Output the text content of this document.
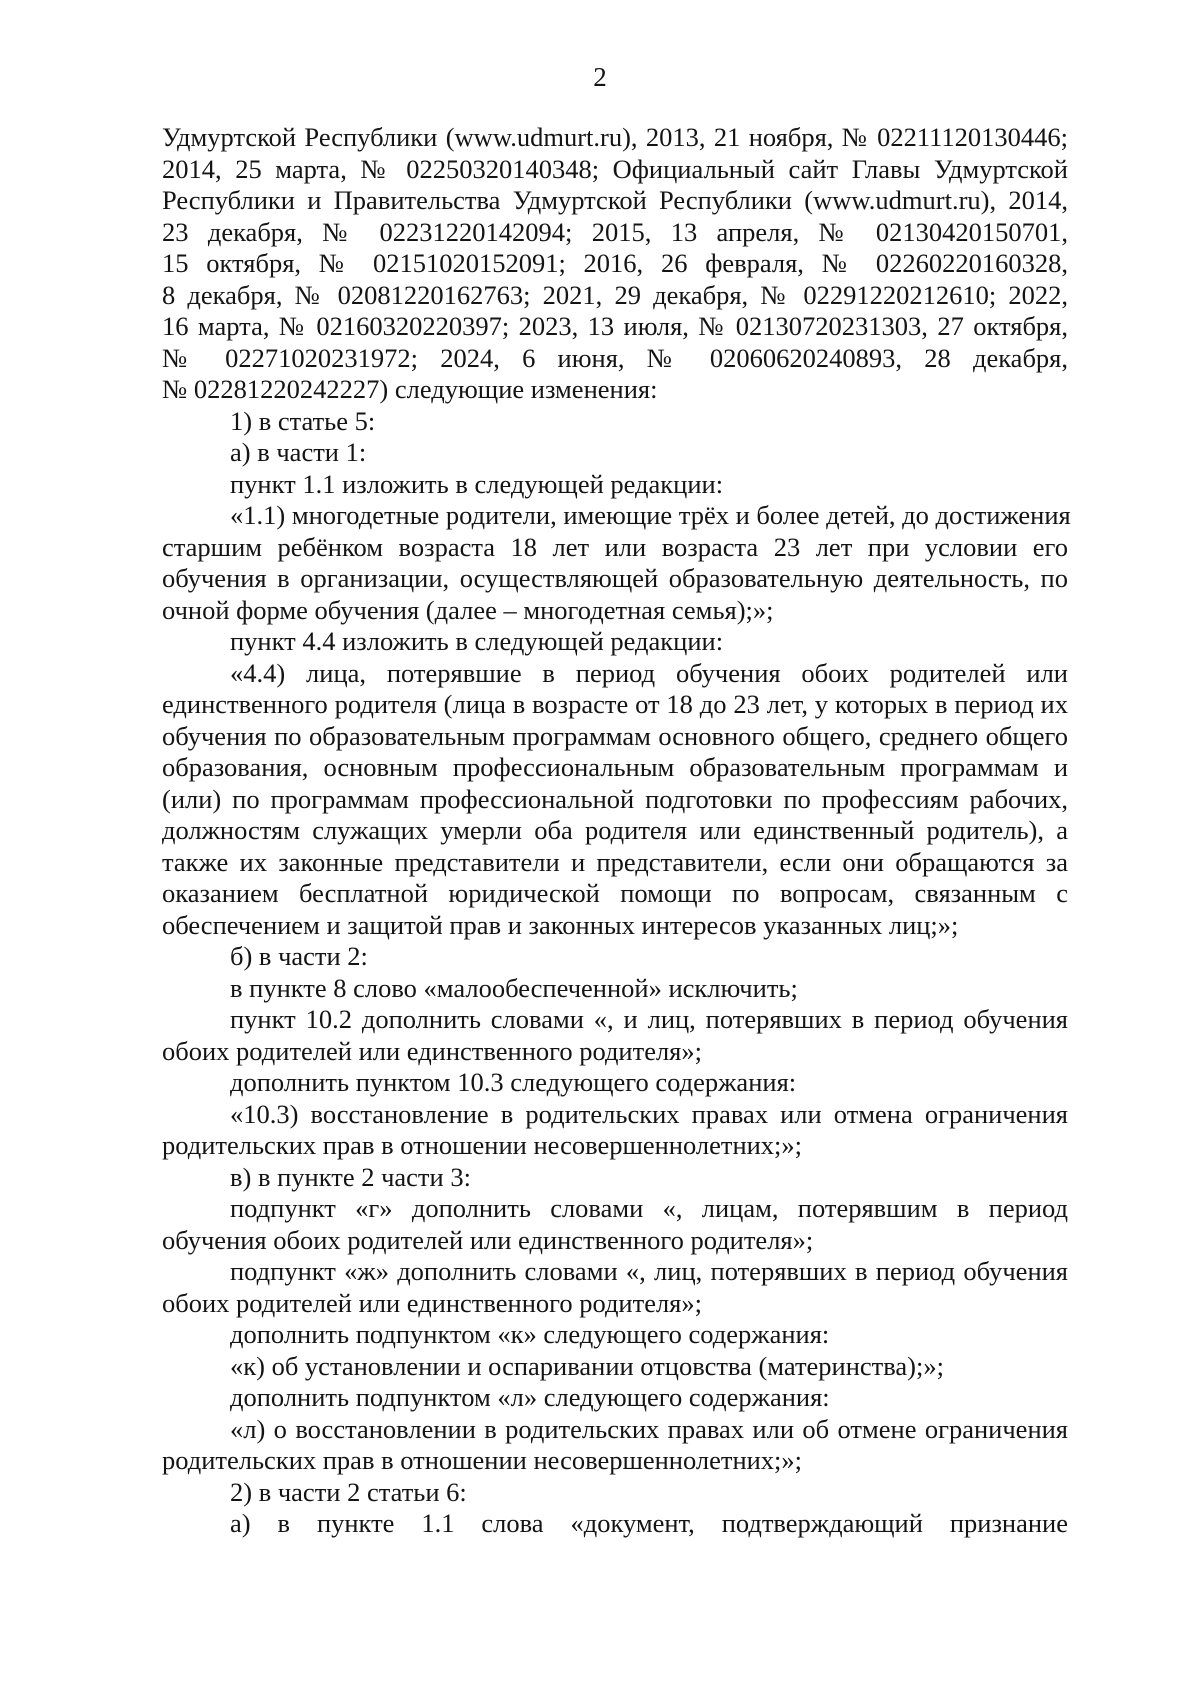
2
Удмуртской Республики (www.udmurt.ru), 2013, 21 ноября, № 02211120130446;
2014, 25 марта, № 02250320140348; Официальный сайт Главы Удмуртской
Республики и Правительства Удмуртской Республики (www.udmurt.ru), 2014,
23 декабря, № 02231220142094; 2015, 13 апреля, № 02130420150701,
15 октября, № 02151020152091; 2016, 26 февраля, № 02260220160328,
8 декабря, № 02081220162763; 2021, 29 декабря, № 02291220212610; 2022,
16 марта, № 02160320220397; 2023, 13 июля, № 02130720231303, 27 октября,
№ 02271020231972; 2024, 6 июня, № 02060620240893, 28 декабря,
№ 02281220242227) следующие изменения:
1) в статье 5:
а) в части 1:
пункт 1.1 изложить в следующей редакции:
«1.1) многодетные родители, имеющие трёх и более детей, до достижения
старшим ребёнком возраста 18 лет или возраста 23 лет при условии его
обучения в организации, осуществляющей образовательную деятельность, по
очной форме обучения (далее – многодетная семья);»;
пункт 4.4 изложить в следующей редакции:
«4.4) лица, потерявшие в период обучения обоих родителей или
единственного родителя (лица в возрасте от 18 до 23 лет, у которых в период их
обучения по образовательным программам основного общего, среднего общего
образования, основным профессиональным образовательным программам и
(или) по программам профессиональной подготовки по профессиям рабочих,
должностям служащих умерли оба родителя или единственный родитель), а
также их законные представители и представители, если они обращаются за
оказанием бесплатной юридической помощи по вопросам, связанным с
обеспечением и защитой прав и законных интересов указанных лиц;»;
б) в части 2:
в пункте 8 слово «малообеспеченной» исключить;
пункт 10.2 дополнить словами «, и лиц, потерявших в период обучения
обоих родителей или единственного родителя»;
дополнить пунктом 10.3 следующего содержания:
«10.3) восстановление в родительских правах или отмена ограничения
родительских прав в отношении несовершеннолетних;»;
в) в пункте 2 части 3:
подпункт «г» дополнить словами «, лицам, потерявшим в период
обучения обоих родителей или единственного родителя»;
подпункт «ж» дополнить словами «, лиц, потерявших в период обучения
обоих родителей или единственного родителя»;
дополнить подпунктом «к» следующего содержания:
«к) об установлении и оспаривании отцовства (материнства);»;
дополнить подпунктом «л» следующего содержания:
«л) о восстановлении в родительских правах или об отмене ограничения
родительских прав в отношении несовершеннолетних;»;
2) в части 2 статьи 6:
а) в пункте 1.1 слова «документ, подтверждающий признание
